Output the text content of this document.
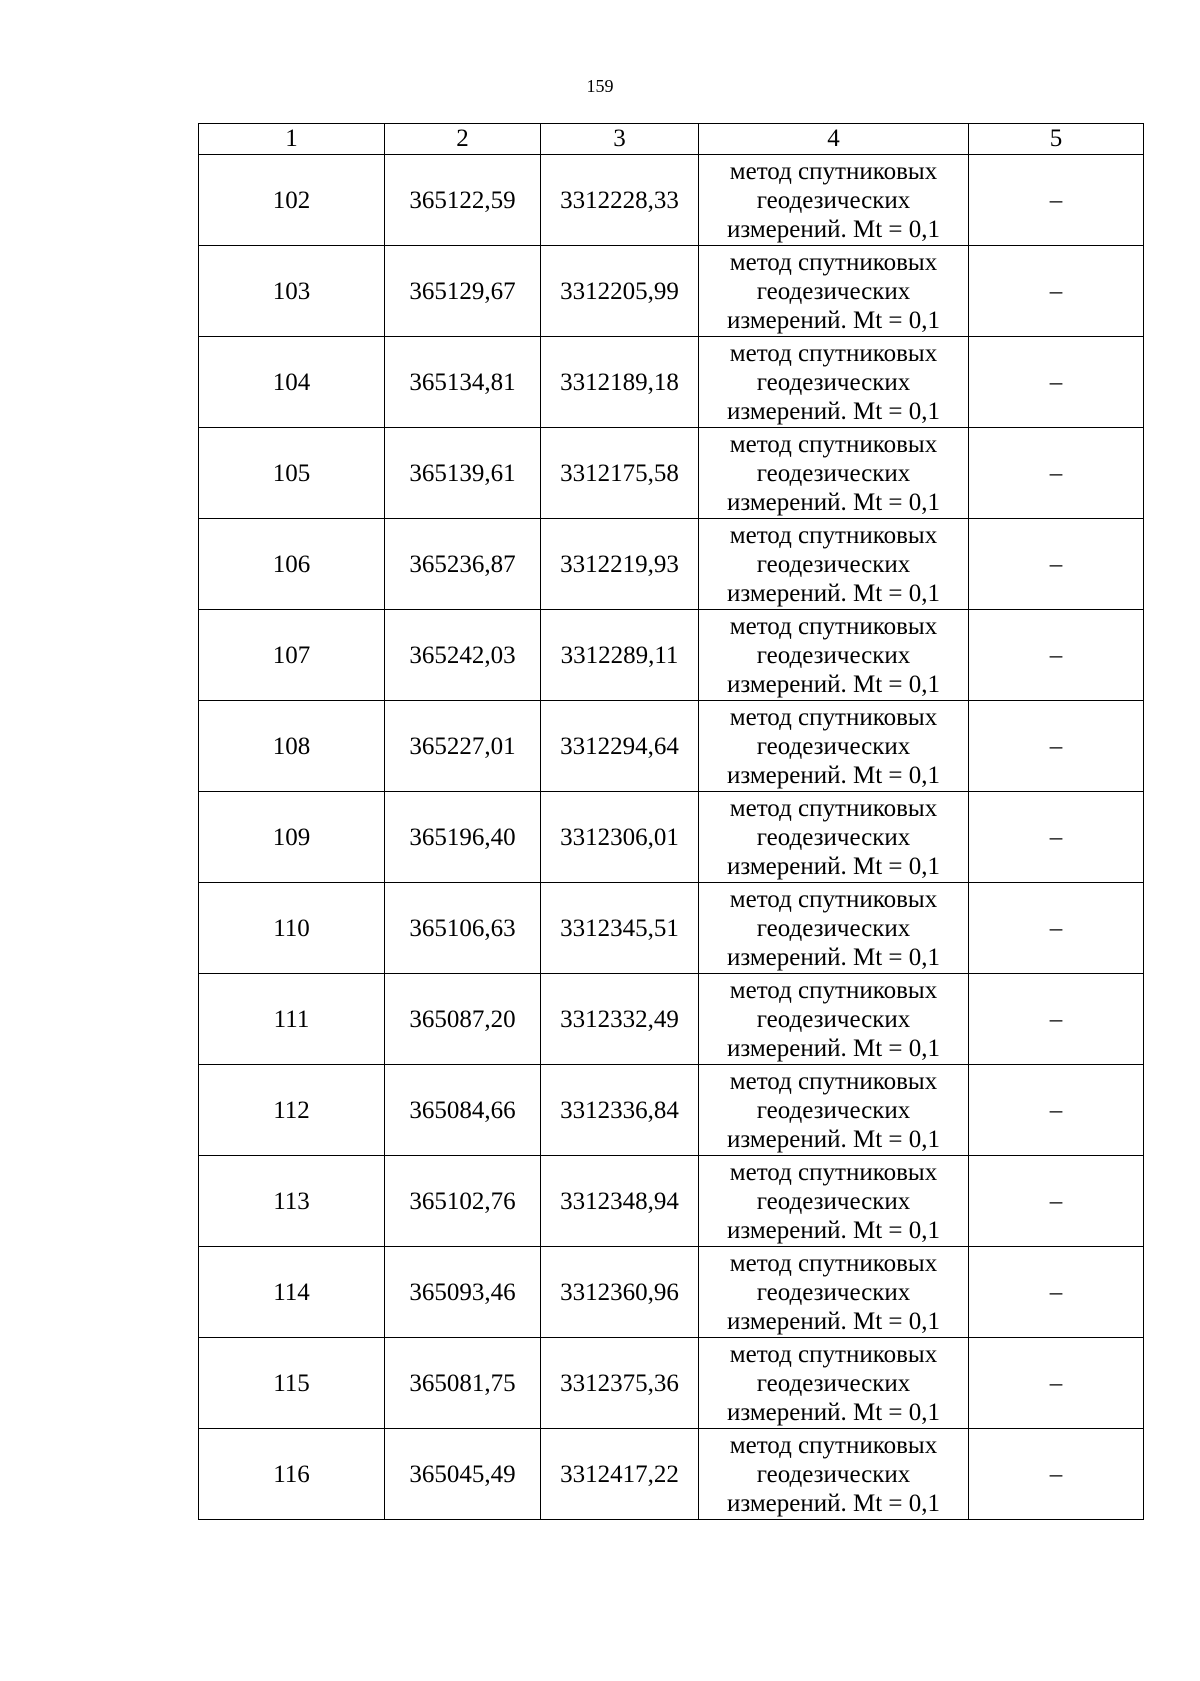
159
1	2	3	4	5
102	365122,59	3312228,33	метод спутниковых
геодезических
измерений. Mt = 0,1	–
103	365129,67	3312205,99	метод спутниковых
геодезических
измерений. Mt = 0,1	–
104	365134,81	3312189,18	метод спутниковых
геодезических
измерений. Mt = 0,1	–
105	365139,61	3312175,58	метод спутниковых
геодезических
измерений. Mt = 0,1	–
106	365236,87	3312219,93	метод спутниковых
геодезических
измерений. Mt = 0,1	–
107	365242,03	3312289,11	метод спутниковых
геодезических
измерений. Mt = 0,1	–
108	365227,01	3312294,64	метод спутниковых
геодезических
измерений. Mt = 0,1	–
109	365196,40	3312306,01	метод спутниковых
геодезических
измерений. Mt = 0,1	–
110	365106,63	3312345,51	метод спутниковых
геодезических
измерений. Mt = 0,1	–
111	365087,20	3312332,49	метод спутниковых
геодезических
измерений. Mt = 0,1	–
112	365084,66	3312336,84	метод спутниковых
геодезических
измерений. Mt = 0,1	–
113	365102,76	3312348,94	метод спутниковых
геодезических
измерений. Mt = 0,1	–
114	365093,46	3312360,96	метод спутниковых
геодезических
измерений. Mt = 0,1	–
115	365081,75	3312375,36	метод спутниковых
геодезических
измерений. Mt = 0,1	–
116	365045,49	3312417,22	метод спутниковых
геодезических
измерений. Mt = 0,1	–
